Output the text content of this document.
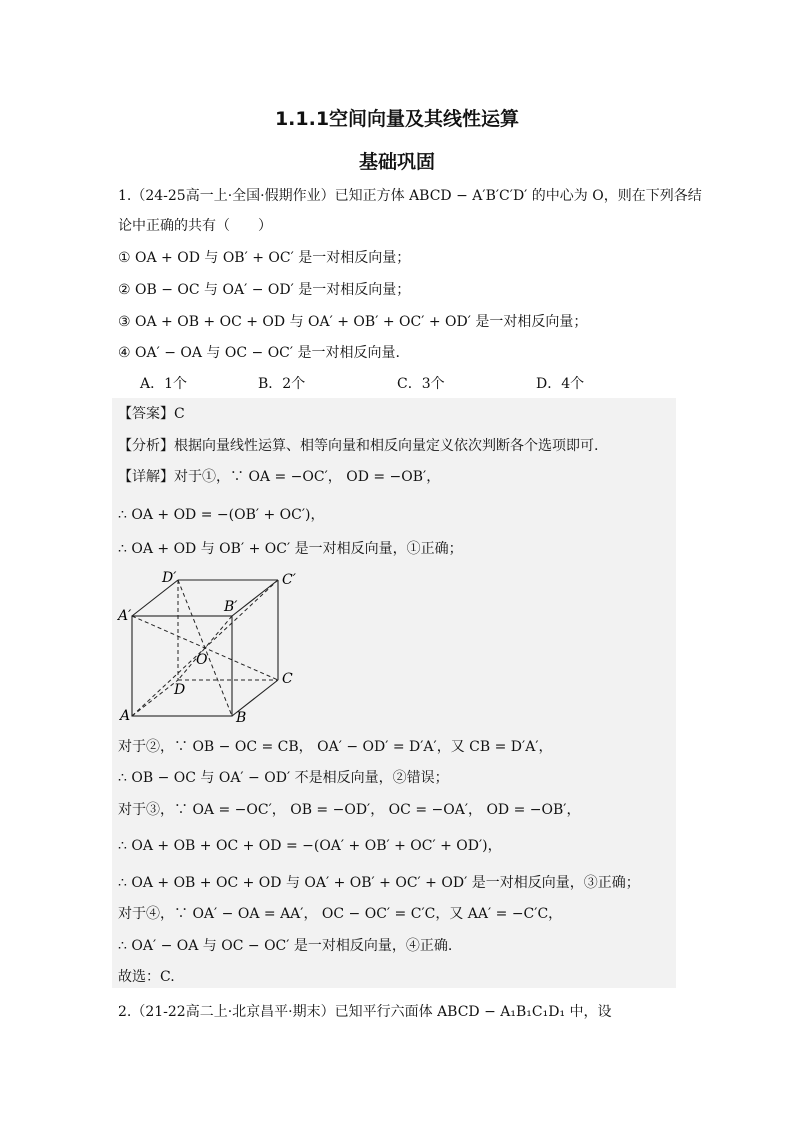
1.1.1空间向量及其线性运算
基础巩固
1.（24-25高一上·全国·假期作业）已知正方体 ABCD − A′B′C′D′ 的中心为 O，则在下列各结
论中正确的共有（　　）
① OA + OD 与 OB′ + OC′ 是一对相反向量；
② OB − OC 与 OA′ − OD′ 是一对相反向量；
③ OA + OB + OC + OD 与 OA′ + OB′ + OC′ + OD′ 是一对相反向量；
④ OA′ − OA 与 OC − OC′ 是一对相反向量.
A．1个	B．2个	C．3个	D．4个
【答案】C
【分析】根据向量线性运算、相等向量和相反向量定义依次判断各个选项即可.
【详解】对于①，∵ OA = −OC′， OD = −OB′，
∴ OA + OD = −(OB′ + OC′)，
∴ OA + OD 与 OB′ + OC′ 是一对相反向量，①正确；
D′	C′
A′
B′
O
D
C
A	B
对于②，∵ OB − OC = CB， OA′ − OD′ = D′A′，又 CB = D′A′，
∴ OB − OC 与 OA′ − OD′ 不是相反向量，②错误；
对于③，∵ OA = −OC′， OB = −OD′， OC = −OA′， OD = −OB′，
∴ OA + OB + OC + OD = −(OA′ + OB′ + OC′ + OD′)，
∴ OA + OB + OC + OD 与 OA′ + OB′ + OC′ + OD′ 是一对相反向量，③正确；
对于④，∵ OA′ − OA = AA′， OC − OC′ = C′C，又 AA′ = −C′C，
∴ OA′ − OA 与 OC − OC′ 是一对相反向量，④正确.
故选：C.
2.（21-22高二上·北京昌平·期末）已知平行六面体 ABCD − A₁B₁C₁D₁ 中，设
